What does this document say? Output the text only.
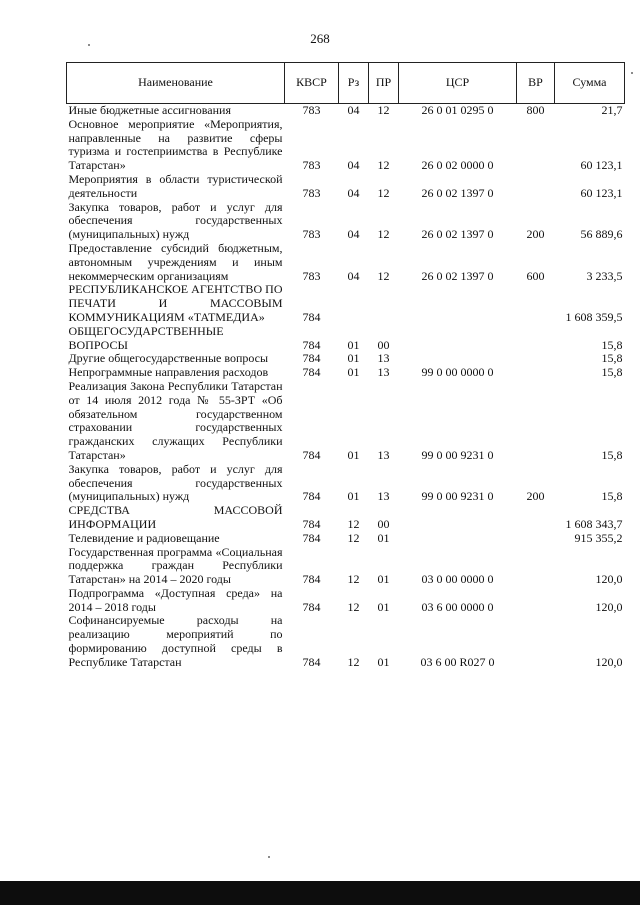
268
Наименование	КВСР	Рз	ПР	ЦСР	ВР	Сумма
Иные бюджетные ассигнования	783	04	12	26 0 01 0295 0	800	21,7
Основное мероприятие «Мероприятия, направленные на развитие сферы туризма и гостеприимства в Республике Татарстан»	783	04	12	26 0 02 0000 0		60 123,1
Мероприятия в области туристической деятельности	783	04	12	26 0 02 1397 0		60 123,1
Закупка товаров, работ и услуг для обеспечения государственных (муниципальных) нужд	783	04	12	26 0 02 1397 0	200	56 889,6
Предоставление субсидий бюджетным, автономным учреждениям и иным некоммерческим организациям	783	04	12	26 0 02 1397 0	600	3 233,5
РЕСПУБЛИКАНСКОЕ АГЕНТСТВО ПО ПЕЧАТИ И МАССОВЫМ КОММУНИКАЦИЯМ «ТАТМЕДИА»	784					1 608 359,5
ОБЩЕГОСУДАРСТВЕННЫЕ ВОПРОСЫ	784	01	00			15,8
Другие общегосударственные вопросы	784	01	13			15,8
Непрограммные направления расходов	784	01	13	99 0 00 0000 0		15,8
Реализация Закона Республики Татарстан от 14 июля 2012 года № 55-ЗРТ «Об обязательном государственном страховании государственных гражданских служащих Республики Татарстан»	784	01	13	99 0 00 9231 0		15,8
Закупка товаров, работ и услуг для обеспечения государственных (муниципальных) нужд	784	01	13	99 0 00 9231 0	200	15,8
СРЕДСТВА МАССОВОЙ ИНФОРМАЦИИ	784	12	00			1 608 343,7
Телевидение и радиовещание	784	12	01			915 355,2
Государственная программа «Социальная поддержка граждан Республики Татарстан» на 2014 – 2020 годы	784	12	01	03 0 00 0000 0		120,0
Подпрограмма «Доступная среда» на 2014 – 2018 годы	784	12	01	03 6 00 0000 0		120,0
Софинансируемые расходы на реализацию мероприятий по формированию доступной среды в Республике Татарстан	784	12	01	03 6 00 R027 0		120,0
